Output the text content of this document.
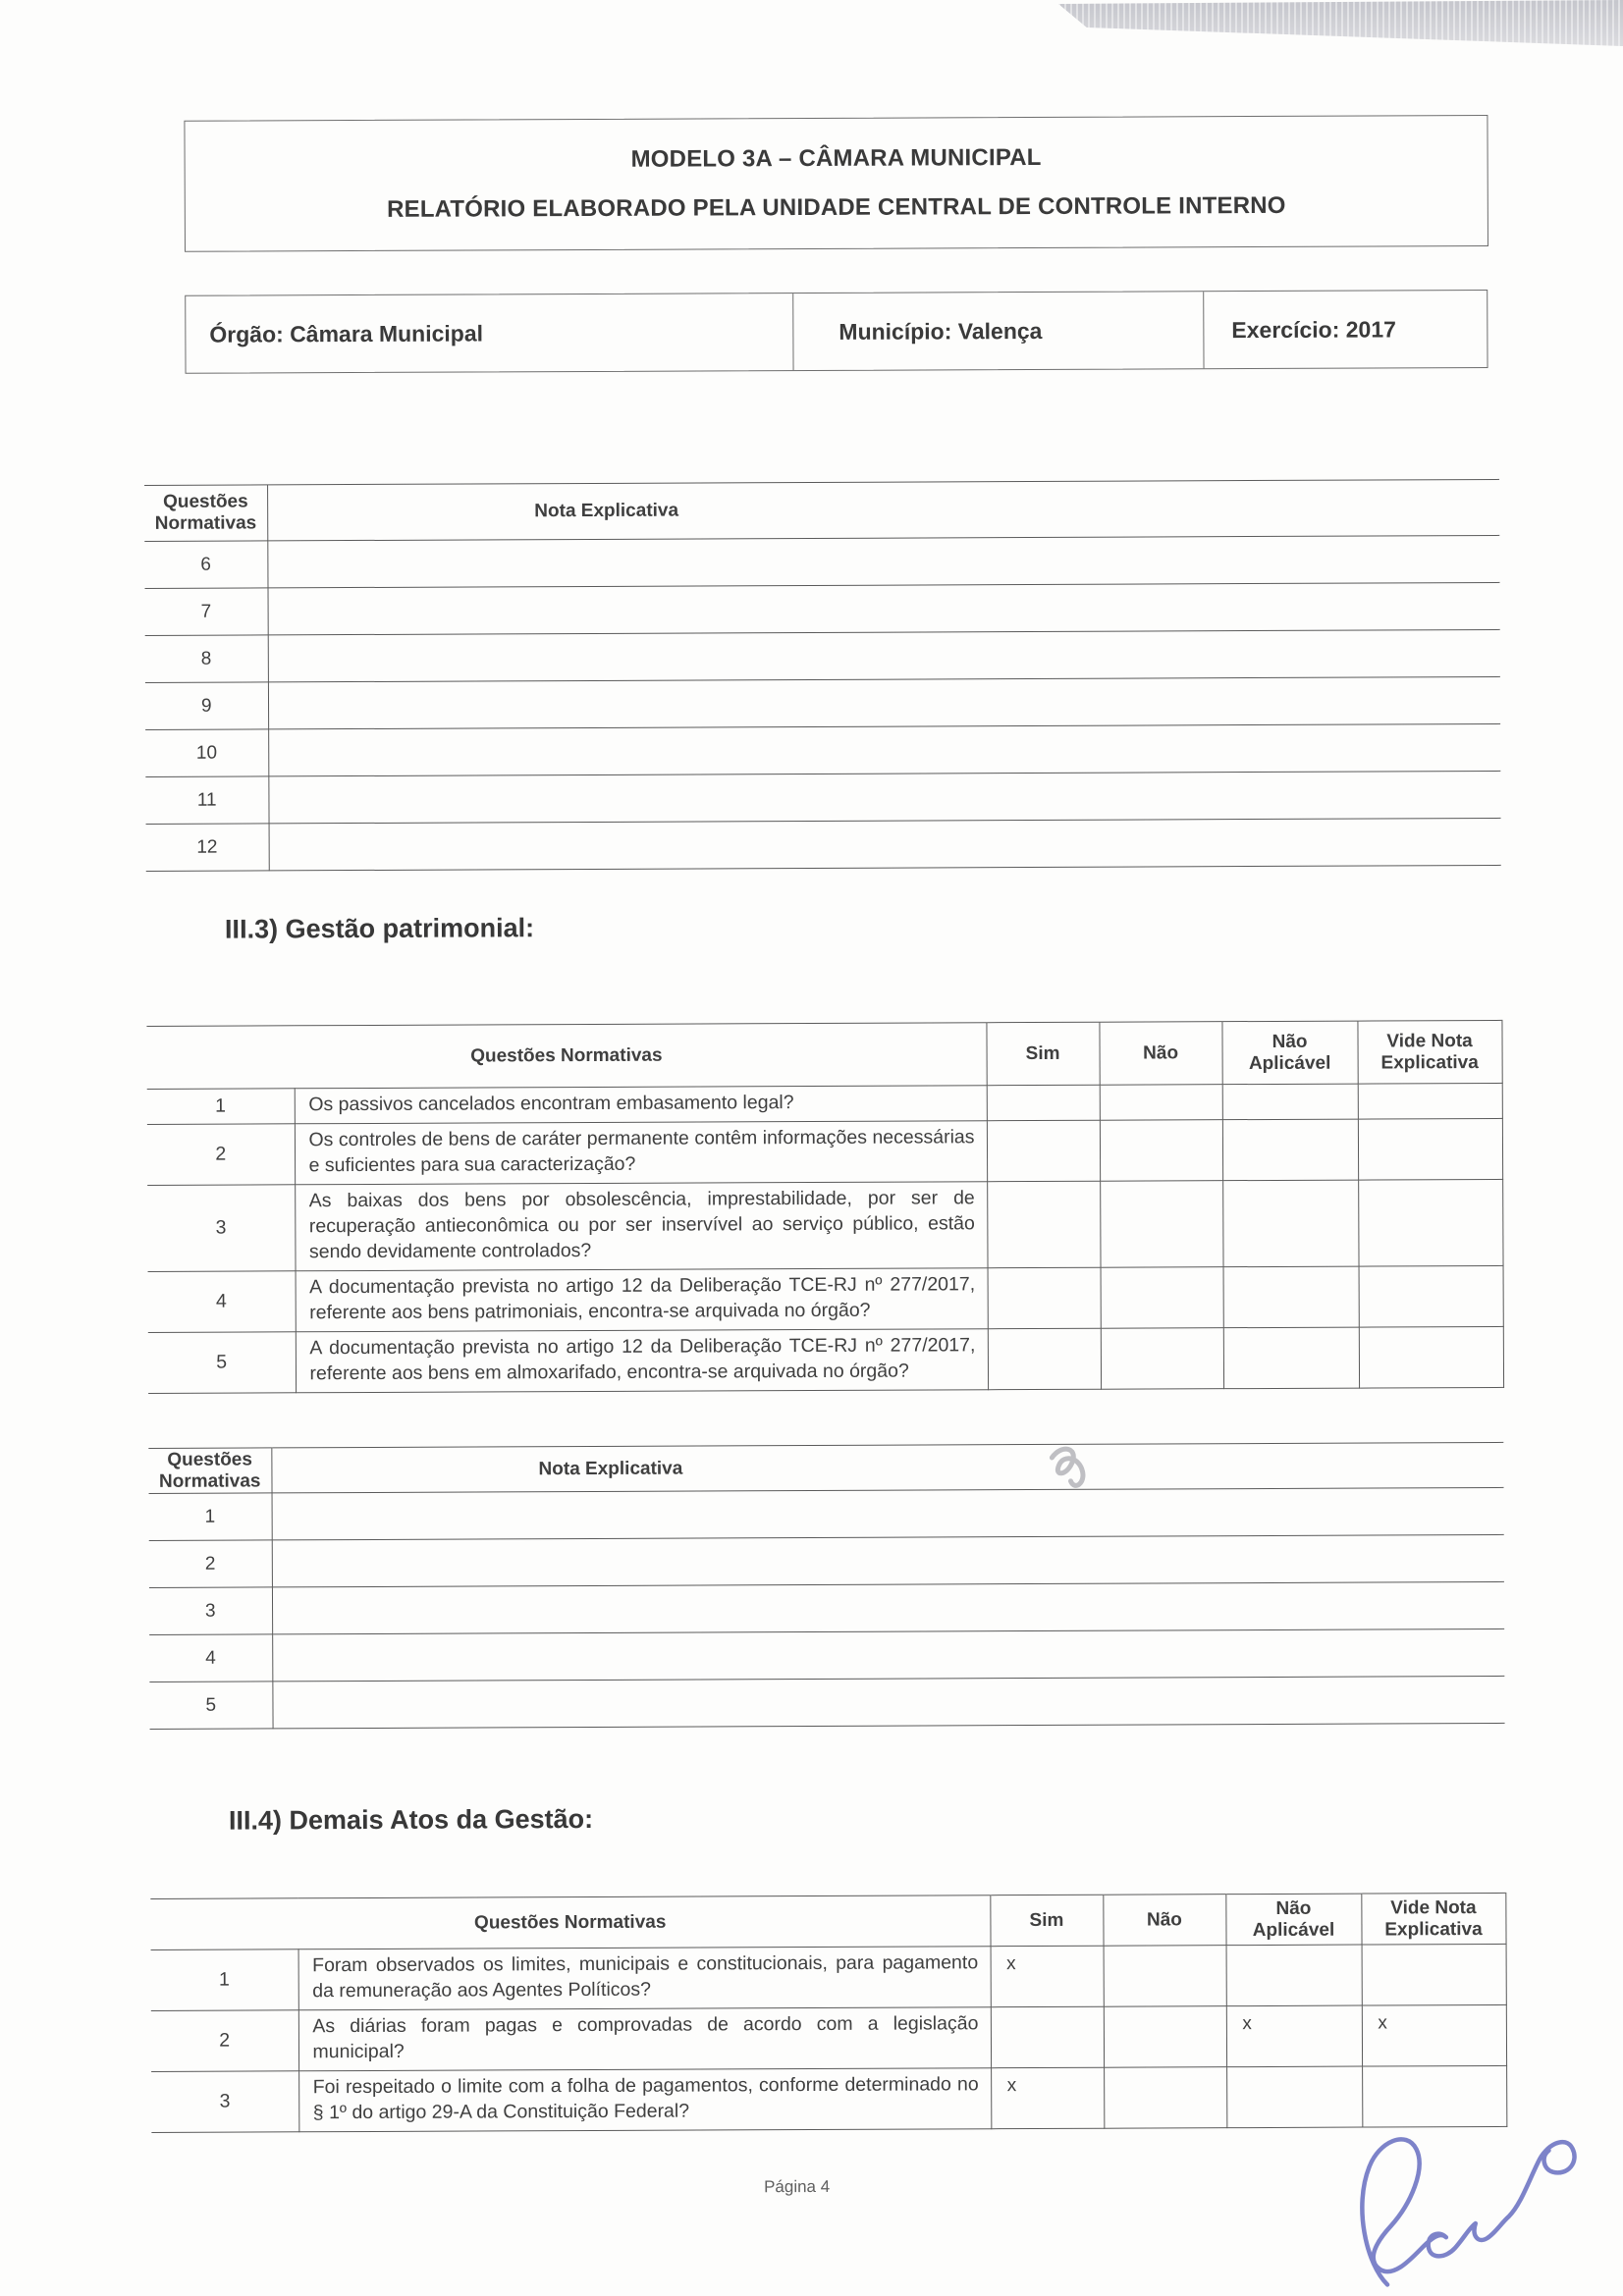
MODELO 3A – CÂMARA MUNICIPAL
RELATÓRIO ELABORADO PELA UNIDADE CENTRAL DE CONTROLE INTERNO
Órgão: Câmara Municipal	Município: Valença	Exercício: 2017
Questões Normativas	Nota Explicativa

6	
7	
8	
9	
10	
11	
12	
III.3) Gestão patrimonial:
Questões Normativas		Sim	Não	Não Aplicável	Vide Nota Explicativa
1	Os passivos cancelados encontram embasamento legal?				
2	Os controles de bens de caráter permanente contêm informações necessárias e suficientes para sua caracterização?				
3	As baixas dos bens por obsolescência, imprestabilidade, por ser de recuperação antieconômica ou por ser inservível ao serviço público, estão sendo devidamente controlados?				
4	A documentação prevista no artigo 12 da Deliberação TCE-RJ nº 277/2017, referente aos bens patrimoniais, encontra-se arquivada no órgão?				
5	A documentação prevista no artigo 12 da Deliberação TCE-RJ nº 277/2017, referente aos bens em almoxarifado, encontra-se arquivada no órgão?				
Questões Normativas	Nota Explicativa

1	
2	
3	
4	
5	
III.4) Demais Atos da Gestão:
Questões Normativas		Sim	Não	Não Aplicável	Vide Nota Explicativa
1	Foram observados os limites, municipais e constitucionais, para pagamento da remuneração aos Agentes Políticos?	x			
2	As diárias foram pagas e comprovadas de acordo com a legislação municipal?			x	x
3	Foi respeitado o limite com a folha de pagamentos, conforme determinado no § 1º do artigo 29-A da Constituição Federal?	x			
Página 4
